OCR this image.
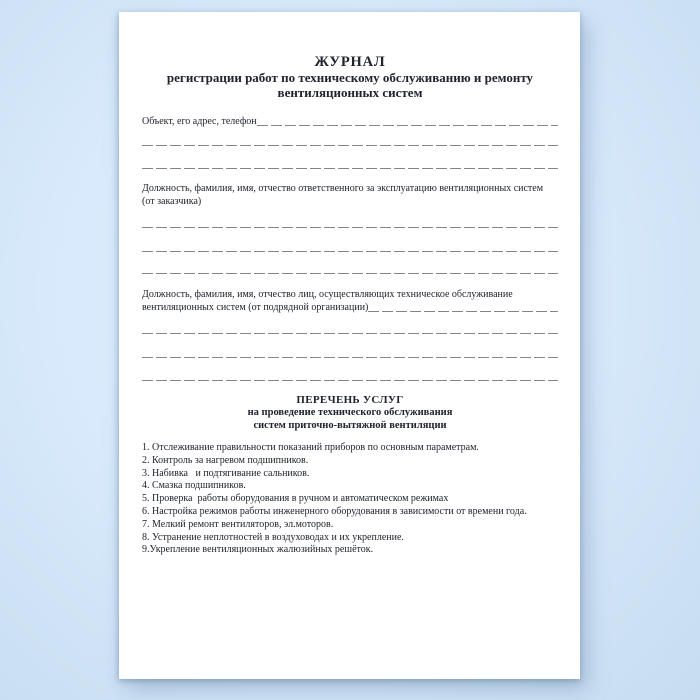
ЖУРНАЛ
регистрации работ по техническому обслуживанию и ремонту
вентиляционных систем
Объект, его адрес, телефон
Должность, фамилия, имя, отчество ответственного за эксплуатацию вентиляционных систем
(от заказчика)
Должность, фамилия, имя, отчество лиц, осуществляющих техническое обслуживание
вентиляционных систем (от подрядной организации)
ПЕРЕЧЕНЬ УСЛУГ
на проведение технического обслуживания
систем приточно-вытяжной вентиляции
1. Отслеживание правильности показаний приборов по основным параметрам.
2. Контроль за нагревом подшипников.
3. Набивка   и подтягивание сальников.
4. Смазка подшипников.
5. Проверка  работы оборудования в ручном и автоматическом режимах
6. Настройка режимов работы инженерного оборудования в зависимости от времени года.
7. Мелкий ремонт вентиляторов, эл.моторов.
8. Устранение неплотностей в воздуховодах и их укрепление.
9.Укрепление вентиляционных жалюзийных решёток.
